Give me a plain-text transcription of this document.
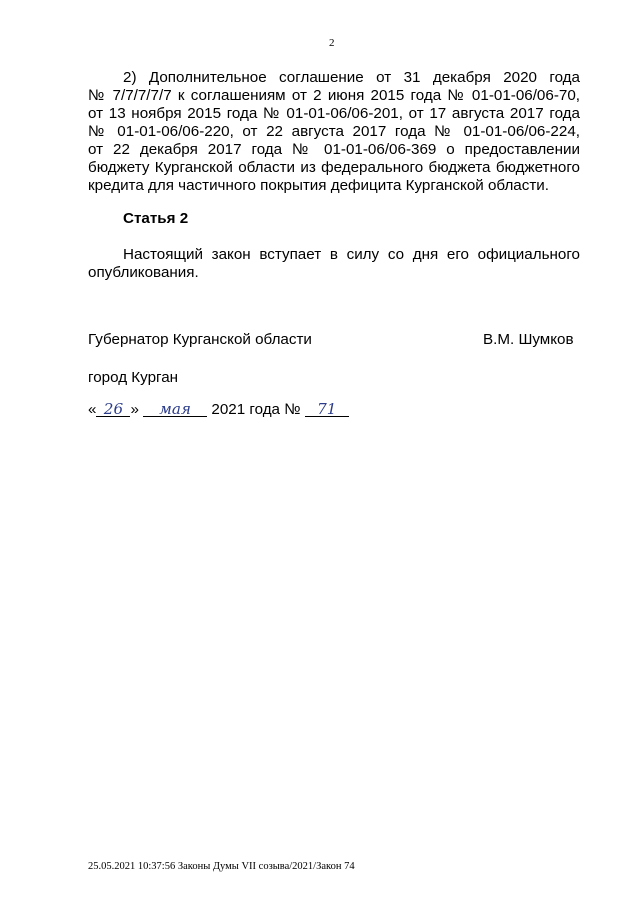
2
2) Дополнительное соглашение от 31 декабря 2020 года
№ 7/7/7/7/7 к соглашениям от 2 июня 2015 года № 01-01-06/06-70,
от 13 ноября 2015 года № 01-01-06/06-201, от 17 августа 2017 года
№ 01-01-06/06-220, от 22 августа 2017 года № 01-01-06/06-224,
от 22 декабря 2017 года № 01-01-06/06-369 о предоставлении
бюджету Курганской области из федерального бюджета бюджетного
кредита для частичного покрытия дефицита Курганской области.
Статья 2
Настоящий закон вступает в силу со дня его официального
опубликования.
Губернатор Курганской области	В.М. Шумков
город Курган
« 26 » мая 2021 года № 71
25.05.2021 10:37:56 Законы Думы VII созыва/2021/Закон 74
